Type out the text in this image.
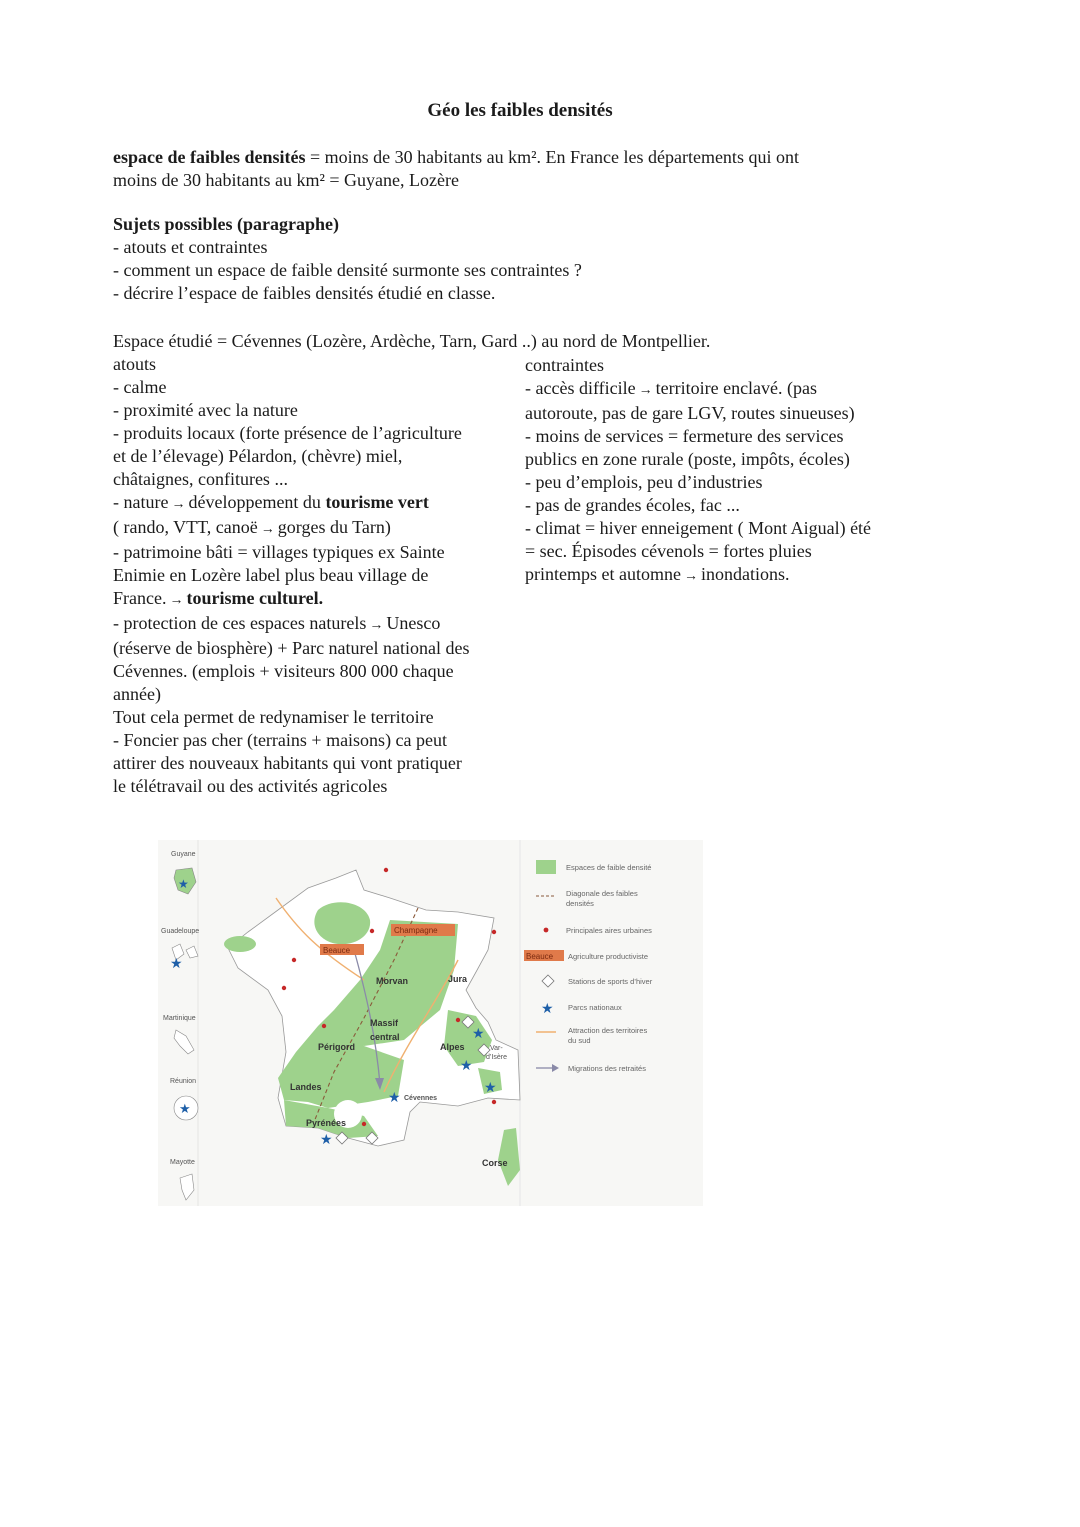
Géo les faibles densités

espace de faibles densités = moins de 30 habitants au km². En France les départements qui ont

moins de 30 habitants au km² = Guyane, Lozère

Sujets possibles (paragraphe)

- atouts et contraintes

- comment un espace de faible densité surmonte ses contraintes ?

- décrire l’espace de faibles densités étudié en classe.

Espace étudié = Cévennes (Lozère, Ardèche, Tarn, Gard ..) au nord de Montpellier.

atouts

- calme

- proximité avec la nature

- produits locaux (forte présence de l’agriculture

et de l’élevage) Pélardon, (chèvre) miel,

châtaignes, confitures ...

- nature → développement du tourisme vert

( rando, VTT, canoë → gorges du Tarn)

- patrimoine bâti = villages typiques ex Sainte

Enimie en Lozère label plus beau village de

France. → tourisme culturel.

- protection de ces espaces naturels → Unesco

(réserve de biosphère) + Parc naturel national des

Cévennes. (emplois + visiteurs 800 000 chaque

année)

Tout cela permet de redynamiser le territoire

- Foncier pas cher (terrains + maisons) ca peut

attirer des nouveaux habitants qui vont pratiquer

le télétravail ou des activités agricoles

contraintes

- accès difficile → territoire enclavé. (pas

autoroute, pas de gare LGV, routes sinueuses)

- moins de services = fermeture des services

publics en zone rurale (poste, impôts, écoles)

- peu d’emplois, peu d’industries

- pas de grandes écoles, fac ...

- climat = hiver enneigement ( Mont Aigual) été

= sec. Épisodes cévenols = fortes pluies

printemps et automne → inondations.

Guyane
★
Guadeloupe
★
Martinique
Réunion
★
Mayotte
Beauce
Champagne
Morvan	Jura
Massif
central
Périgord	Alpes	Var-
d’Isère
Landes
Cévennes
Pyrénées
Corse
★
★
★
★
★
Espaces de faible densité
Diagonale des faibles
densités
Principales aires urbaines
Beauce Agriculture productiviste
Stations de sports d’hiver
★ Parcs nationaux
Attraction des territoires
du sud
Migrations des retraités
